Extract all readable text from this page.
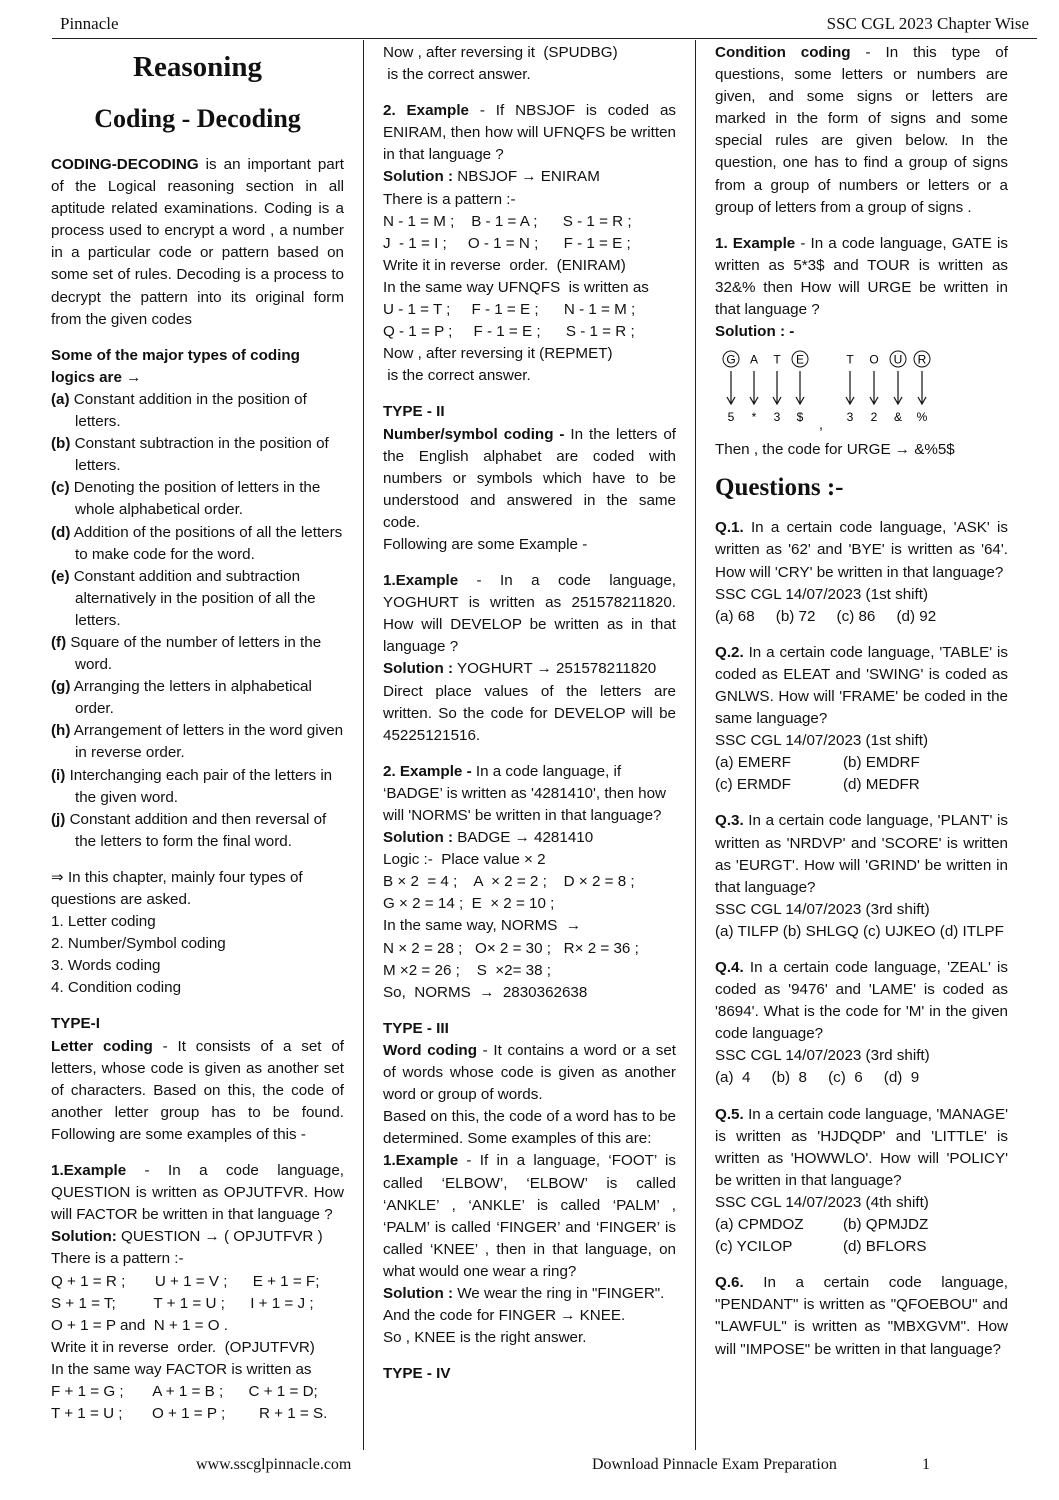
Pinnacle	SSC CGL 2023 Chapter Wise
Reasoning
Coding - Decoding

CODING-DECODING is an important part of the Logical reasoning section in all aptitude related examinations. Coding is a process used to encrypt a word , a number in a particular code or pattern based on some set of rules. Decoding is a process to decrypt the pattern into its original form from the given codes

Some of the major types of coding

logics are →

(a) Constant addition in the position of letters.

(b) Constant subtraction in the position of letters.

(c) Denoting the position of letters in the whole alphabetical order.

(d) Addition of the positions of all the letters to make code for the word.

(e) Constant addition and subtraction alternatively in the position of all the letters.

(f) Square of the number of letters in the word.

(g) Arranging the letters in alphabetical order.

(h) Arrangement of letters in the word given in reverse order.

(i) Interchanging each pair of the letters in the given word.

(j) Constant addition and then reversal of the letters to form the final word.

⇒ In this chapter, mainly four types of questions are asked.

1. Letter coding

2. Number/Symbol coding

3. Words coding

4. Condition coding

TYPE-I

Letter coding - It consists of a set of letters, whose code is given as another set of characters. Based on this, the code of another letter group has to be found. Following are some examples of this -

1.Example - In a code language, QUESTION is written as OPJUTFVR. How will FACTOR be written in that language ?

Solution: QUESTION → ( OPJUTFVR )

There is a pattern :-

Q + 1 = R ;       U + 1 = V ;      E + 1 = F;

S + 1 = T;         T + 1 = U ;      I + 1 = J ;

O + 1 = P and  N + 1 = O .

Write it in reverse  order.  (OPJUTFVR)

In the same way FACTOR is written as

F + 1 = G ;       A + 1 = B ;      C + 1 = D;

T + 1 = U ;       O + 1 = P ;        R + 1 = S.

Now , after reversing it  (SPUDBG)

is the correct answer.

2. Example - If NBSJOF is coded as ENIRAM, then how will UFNQFS be written in that language ?

Solution : NBSJOF → ENIRAM

There is a pattern :-

N - 1 = M ;    B - 1 = A ;      S - 1 = R ;

J  - 1 = I ;     O - 1 = N ;      F - 1 = E ;

Write it in reverse  order.  (ENIRAM)

In the same way UFNQFS  is written as

U - 1 = T ;     F - 1 = E ;      N - 1 = M ;

Q - 1 = P ;     F - 1 = E ;      S - 1 = R ;

Now , after reversing it (REPMET)

is the correct answer.

TYPE - II

Number/symbol coding - In the letters of the English alphabet are coded with numbers or symbols which have to be understood and answered in the same code.

Following are some Example -

1.Example - In a code language, YOGHURT is written as 251578211820. How will DEVELOP be written as in that language ?

Solution : YOGHURT → 251578211820

Direct place values of the letters are written. So the code for DEVELOP will be 45225121516.

2. Example - In a code language, if ‘BADGE’ is written as '4281410', then how will 'NORMS' be written in that language?

Solution : BADGE → 4281410

Logic :-  Place value × 2

B × 2  = 4 ;    A  × 2 = 2 ;    D × 2 = 8 ;

G × 2 = 14 ;  E  × 2 = 10 ;

In the same way, NORMS  →

N × 2 = 28 ;   O× 2 = 30 ;   R× 2 = 36 ;

M ×2 = 26 ;    S  ×2= 38 ;

So,  NORMS  →  2830362638

TYPE - III

Word coding - It contains a word or a set of words whose code is given as another word or group of words.

Based on this, the code of a word has to be determined. Some examples of this are:

1.Example - If in a language, ‘FOOT’ is called ‘ELBOW’, ‘ELBOW’ is called ‘ANKLE’ , ‘ANKLE’ is called ‘PALM’ , ‘PALM’ is called ‘FINGER’ and ‘FINGER’ is called ‘KNEE’ , then in that language, on what would one wear a ring?

Solution : We wear the ring in "FINGER".

And the code for FINGER → KNEE.

So , KNEE is the right answer.

TYPE - IV

Condition coding - In this type of questions, some letters or numbers are given, and some signs or letters are marked in the form of signs and some special rules are given below. In the question, one has to find a group of signs from a group of numbers or letters or a group of letters from a group of signs .

1. Example - In a code language, GATE is written as 5*3$ and TOUR is written as 32&% then How will URGE be written in that language ?

Solution : -

G
5
A
*
T
3
E
$ ,
T
3
O
2
U
&
R
%

Then , the code for URGE → &%5$

Questions :-

Q.1. In a certain code language, 'ASK' is written as '62' and 'BYE' is written as '64'. How will 'CRY' be written in that language?

SSC CGL 14/07/2023 (1st shift)

(a) 68     (b) 72     (c) 86     (d) 92

Q.2. In a certain code language, 'TABLE' is coded as ELEAT and 'SWING' is coded as GNLWS. How will 'FRAME' be coded in the same language?

SSC CGL 14/07/2023 (1st shift)

(a) EMERF	(b) EMDRF
(c) ERMDF	(d) MEDFR

Q.3. In a certain code language, 'PLANT' is written as 'NRDVP' and 'SCORE' is written as 'EURGT'. How will 'GRIND' be written in that language?

SSC CGL 14/07/2023 (3rd shift)

(a) TILFP (b) SHLGQ (c) UJKEO (d) ITLPF

Q.4. In a certain code language, 'ZEAL' is coded as '9476' and 'LAME' is coded as '8694'. What is the code for 'M' in the given code language?

SSC CGL 14/07/2023 (3rd shift)

(a)  4     (b)  8     (c)  6     (d)  9

Q.5. In a certain code language, 'MANAGE' is written as 'HJDQDP' and 'LITTLE' is written as 'HOWWLO'. How will 'POLICY' be written in that language?

SSC CGL 14/07/2023 (4th shift)

(a) CPMDOZ	(b) QPMJDZ
(c) YCILOP	(d) BFLORS

Q.6. In a certain code language, "PENDANT" is written as "QFOEBOU" and "LAWFUL" is written as "MBXGVM". How will "IMPOSE" be written in that language?

www.sscglpinnacle.com	Download Pinnacle Exam Preparation	1
